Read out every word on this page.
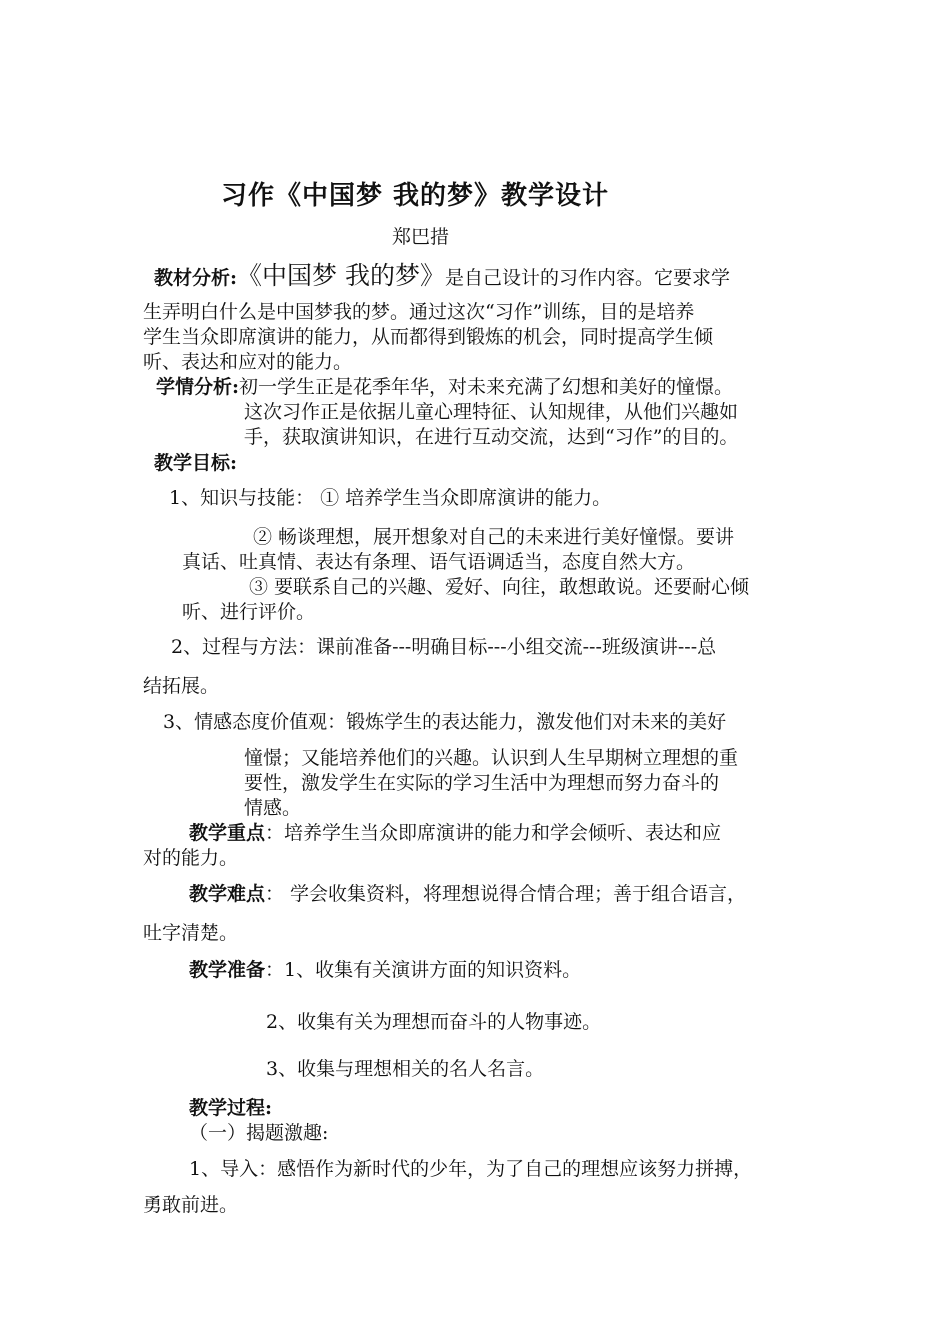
习作《中国梦 我的梦》教学设计
郑巴措
教材分析:《中国梦 我的梦》是自己设计的习作内容。它要求学
生弄明白什么是中国梦我的梦。通过这次“习作”训练，目的是培养
学生当众即席演讲的能力，从而都得到锻炼的机会，同时提高学生倾
听、表达和应对的能力。
学情分析:初一学生正是花季年华，对未来充满了幻想和美好的憧憬。
这次习作正是依据儿童心理特征、认知规律，从他们兴趣如
手，获取演讲知识，在进行互动交流，达到“习作”的目的。
教学目标:
1、知识与技能： ① 培养学生当众即席演讲的能力。
② 畅谈理想，展开想象对自己的未来进行美好憧憬。要讲
真话、吐真情、表达有条理、语气语调适当，态度自然大方。
③ 要联系自己的兴趣、爱好、向往，敢想敢说。还要耐心倾
听、进行评价。
2、过程与方法：课前准备---明确目标---小组交流---班级演讲---总
结拓展。
3、情感态度价值观：锻炼学生的表达能力，激发他们对未来的美好
憧憬；又能培养他们的兴趣。认识到人生早期树立理想的重
要性，激发学生在实际的学习生活中为理想而努力奋斗的
情感。
教学重点：培养学生当众即席演讲的能力和学会倾听、表达和应
对的能力。
教学难点： 学会收集资料，将理想说得合情合理；善于组合语言，
吐字清楚。
教学准备：1、收集有关演讲方面的知识资料。
2、收集有关为理想而奋斗的人物事迹。
3、收集与理想相关的名人名言。
教学过程:
（一）揭题激趣:
1、导入：感悟作为新时代的少年，为了自己的理想应该努力拼搏，
勇敢前进。
